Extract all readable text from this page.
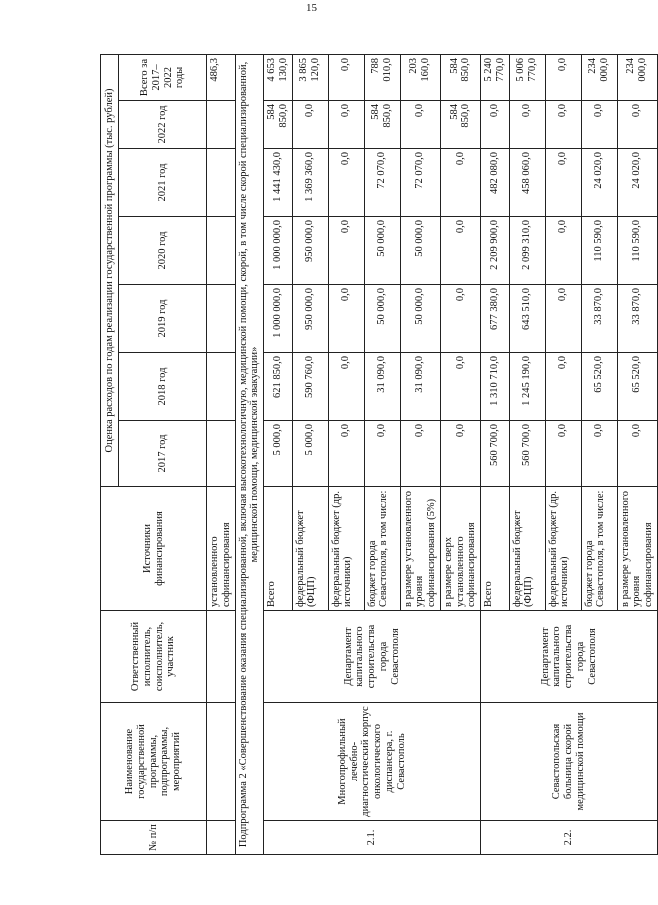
15
№ п/п	Наименование государственной программы, подпрограммы, мероприятий	Ответственный исполнитель, соисполнитель, участник	Источники финансирования	Оценка расходов по годам реализации государственной программы (тыс. рублей)						
				2017 год	2018 год	2019 год	2020 год	2021 год	2022 год	Всего за 2017–2022 годы
			установленного софинансирования							486,3
Подпрограмма 2 «Совершенствование оказания специализированной, включая высокотехнологичную, медицинской помощи, скорой, в том числе скорой специализированной, медицинской помощи, медицинской эвакуации»										
2.1.	Многопрофильный лечебно-диагностический корпус онкологического диспансера, г. Севастополь	Департамент капитального строительства города Севастополя	Всего	5 000,0	621 850,0	1 000 000,0	1 000 000,0	1 441 430,0	584 850,0	4 653 130,0
			федеральный бюджет (ФЦП)	5 000,0	590 760,0	950 000,0	950 000,0	1 369 360,0	0,0	3 865 120,0
			федеральный бюджет (др. источники)	0,0	0,0	0,0	0,0	0,0	0,0	0,0
			бюджет города Севастополя, в том числе:	0,0	31 090,0	50 000,0	50 000,0	72 070,0	584 850,0	788 010,0
			в размере установленного уровня софинансирования (5%)	0,0	31 090,0	50 000,0	50 000,0	72 070,0	0,0	203 160,0
			в размере сверх установленного софинансирования	0,0	0,0	0,0	0,0	0,0	584 850,0	584 850,0
2.2.	Севастопольская больница скорой медицинской помощи	Департамент капитального строительства города Севастополя	Всего	560 700,0	1 310 710,0	677 380,0	2 209 900,0	482 080,0	0,0	5 240 770,0
			федеральный бюджет (ФЦП)	560 700,0	1 245 190,0	643 510,0	2 099 310,0	458 060,0	0,0	5 006 770,0
			федеральный бюджет (др. источники)	0,0	0,0	0,0	0,0	0,0	0,0	0,0
			бюджет города Севастополя, в том числе:	0,0	65 520,0	33 870,0	110 590,0	24 020,0	0,0	234 000,0
			в размере установленного уровня софинансирования	0,0	65 520,0	33 870,0	110 590,0	24 020,0	0,0	234 000,0
